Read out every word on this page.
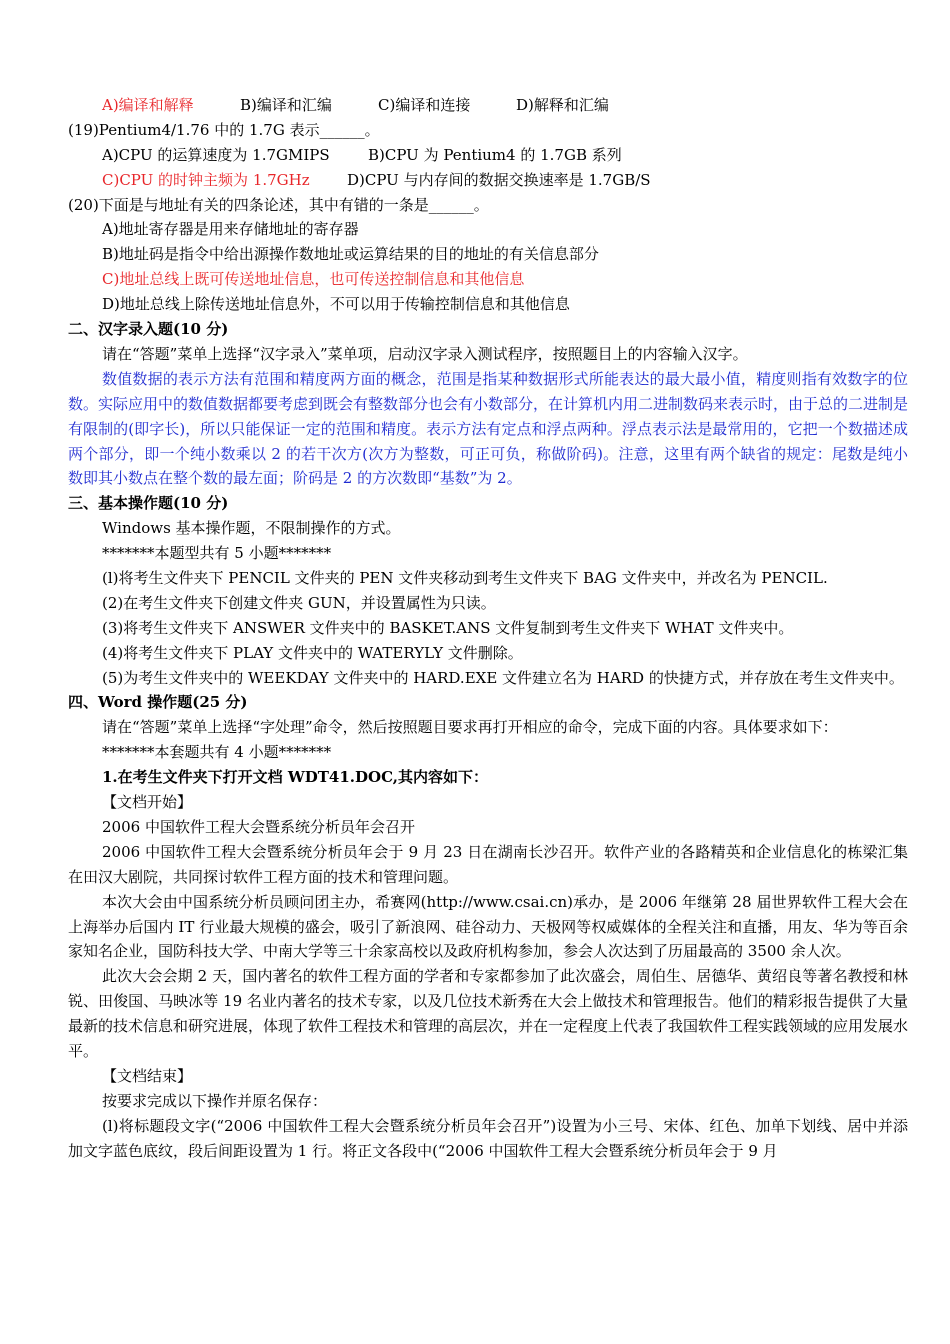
A)编译和解释	B)编译和汇编	C)编译和连接	D)解释和汇编
(19)Pentium4/1.76 中的 1.7G 表示______。
A)CPU 的运算速度为 1.7GMIPS	B)CPU 为 Pentium4 的 1.7GB 系列
C)CPU 的时钟主频为 1.7GHz D)CPU 与内存间的数据交换速率是 1.7GB/S
(20)下面是与地址有关的四条论述，其中有错的一条是______。
A)地址寄存器是用来存储地址的寄存器
B)地址码是指令中给出源操作数地址或运算结果的目的地址的有关信息部分
C)地址总线上既可传送地址信息，也可传送控制信息和其他信息
D)地址总线上除传送地址信息外，不可以用于传输控制信息和其他信息
二、汉字录入题(10 分)
请在“答题”菜单上选择“汉字录入”菜单项，启动汉字录入测试程序，按照题目上的内容输入汉字。
数值数据的表示方法有范围和精度两方面的概念，范围是指某种数据形式所能表达的最大最小值，精度则指有效数字的位数。实际应用中的数值数据都要考虑到既会有整数部分也会有小数部分，在计算机内用二进制数码来表示时，由于总的二进制是有限制的(即字长)，所以只能保证一定的范围和精度。表示方法有定点和浮点两种。浮点表示法是最常用的，它把一个数描述成两个部分，即一个纯小数乘以 2 的若干次方(次方为整数，可正可负，称做阶码)。注意，这里有两个缺省的规定：尾数是纯小数即其小数点在整个数的最左面；阶码是 2 的方次数即“基数”为 2。
三、基本操作题(10 分)
Windows 基本操作题，不限制操作的方式。
*******本题型共有 5 小题*******
(l)将考生文件夹下 PENCIL 文件夹的 PEN 文件夹移动到考生文件夹下 BAG 文件夹中，并改名为 PENCIL.
(2)在考生文件夹下创建文件夹 GUN，并设置属性为只读。
(3)将考生文件夹下 ANSWER 文件夹中的 BASKET.ANS 文件复制到考生文件夹下 WHAT 文件夹中。
(4)将考生文件夹下 PLAY 文件夹中的 WATERYLY 文件删除。
(5)为考生文件夹中的 WEEKDAY 文件夹中的 HARD.EXE 文件建立名为 HARD 的快捷方式，并存放在考生文件夹中。
四、Word 操作题(25 分)
请在“答题”菜单上选择“字处理”命令，然后按照题目要求再打开相应的命令，完成下面的内容。具体要求如下：
*******本套题共有 4 小题*******
1.在考生文件夹下打开文档 WDT41.DOC,其内容如下：
【文档开始】
2006 中国软件工程大会暨系统分析员年会召开
2006 中国软件工程大会暨系统分析员年会于 9 月 23 日在湖南长沙召开。软件产业的各路精英和企业信息化的栋梁汇集在田汉大剧院，共同探讨软件工程方面的技术和管理问题。
本次大会由中国系统分析员顾问团主办，希赛网(http://www.csai.cn)承办，是 2006 年继第 28 届世界软件工程大会在上海举办后国内 IT 行业最大规模的盛会，吸引了新浪网、硅谷动力、天极网等权威媒体的全程关注和直播，用友、华为等百余家知名企业，国防科技大学、中南大学等三十余家高校以及政府机构参加，参会人次达到了历届最高的 3500 余人次。
此次大会会期 2 天，国内著名的软件工程方面的学者和专家都参加了此次盛会，周伯生、居德华、黄绍良等著名教授和林锐、田俊国、马映冰等 19 名业内著名的技术专家，以及几位技术新秀在大会上做技术和管理报告。他们的精彩报告提供了大量最新的技术信息和研究进展，体现了软件工程技术和管理的高层次，并在一定程度上代表了我国软件工程实践领域的应用发展水平。
【文档结束】
按要求完成以下操作并原名保存：
(l)将标题段文字(“2006 中国软件工程大会暨系统分析员年会召开”)设置为小三号、宋体、红色、加单下划线、居中并添加文字蓝色底纹，段后间距设置为 1 行。将正文各段中(“2006 中国软件工程大会暨系统分析员年会于 9 月
